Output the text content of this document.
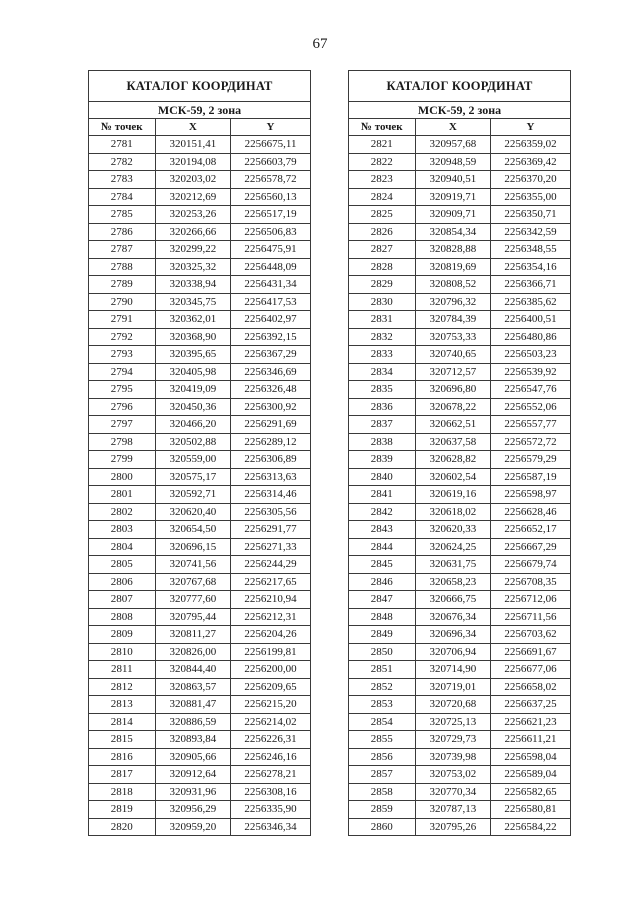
67
КАТАЛОГ КООРДИНАТ		
МСК-59, 2 зона		
№ точек	X	Y
2781	320151,41	2256675,11
2782	320194,08	2256603,79
2783	320203,02	2256578,72
2784	320212,69	2256560,13
2785	320253,26	2256517,19
2786	320266,66	2256506,83
2787	320299,22	2256475,91
2788	320325,32	2256448,09
2789	320338,94	2256431,34
2790	320345,75	2256417,53
2791	320362,01	2256402,97
2792	320368,90	2256392,15
2793	320395,65	2256367,29
2794	320405,98	2256346,69
2795	320419,09	2256326,48
2796	320450,36	2256300,92
2797	320466,20	2256291,69
2798	320502,88	2256289,12
2799	320559,00	2256306,89
2800	320575,17	2256313,63
2801	320592,71	2256314,46
2802	320620,40	2256305,56
2803	320654,50	2256291,77
2804	320696,15	2256271,33
2805	320741,56	2256244,29
2806	320767,68	2256217,65
2807	320777,60	2256210,94
2808	320795,44	2256212,31
2809	320811,27	2256204,26
2810	320826,00	2256199,81
2811	320844,40	2256200,00
2812	320863,57	2256209,65
2813	320881,47	2256215,20
2814	320886,59	2256214,02
2815	320893,84	2256226,31
2816	320905,66	2256246,16
2817	320912,64	2256278,21
2818	320931,96	2256308,16
2819	320956,29	2256335,90
2820	320959,20	2256346,34
КАТАЛОГ КООРДИНАТ		
МСК-59, 2 зона		
№ точек	X	Y
2821	320957,68	2256359,02
2822	320948,59	2256369,42
2823	320940,51	2256370,20
2824	320919,71	2256355,00
2825	320909,71	2256350,71
2826	320854,34	2256342,59
2827	320828,88	2256348,55
2828	320819,69	2256354,16
2829	320808,52	2256366,71
2830	320796,32	2256385,62
2831	320784,39	2256400,51
2832	320753,33	2256480,86
2833	320740,65	2256503,23
2834	320712,57	2256539,92
2835	320696,80	2256547,76
2836	320678,22	2256552,06
2837	320662,51	2256557,77
2838	320637,58	2256572,72
2839	320628,82	2256579,29
2840	320602,54	2256587,19
2841	320619,16	2256598,97
2842	320618,02	2256628,46
2843	320620,33	2256652,17
2844	320624,25	2256667,29
2845	320631,75	2256679,74
2846	320658,23	2256708,35
2847	320666,75	2256712,06
2848	320676,34	2256711,56
2849	320696,34	2256703,62
2850	320706,94	2256691,67
2851	320714,90	2256677,06
2852	320719,01	2256658,02
2853	320720,68	2256637,25
2854	320725,13	2256621,23
2855	320729,73	2256611,21
2856	320739,98	2256598,04
2857	320753,02	2256589,04
2858	320770,34	2256582,65
2859	320787,13	2256580,81
2860	320795,26	2256584,22
